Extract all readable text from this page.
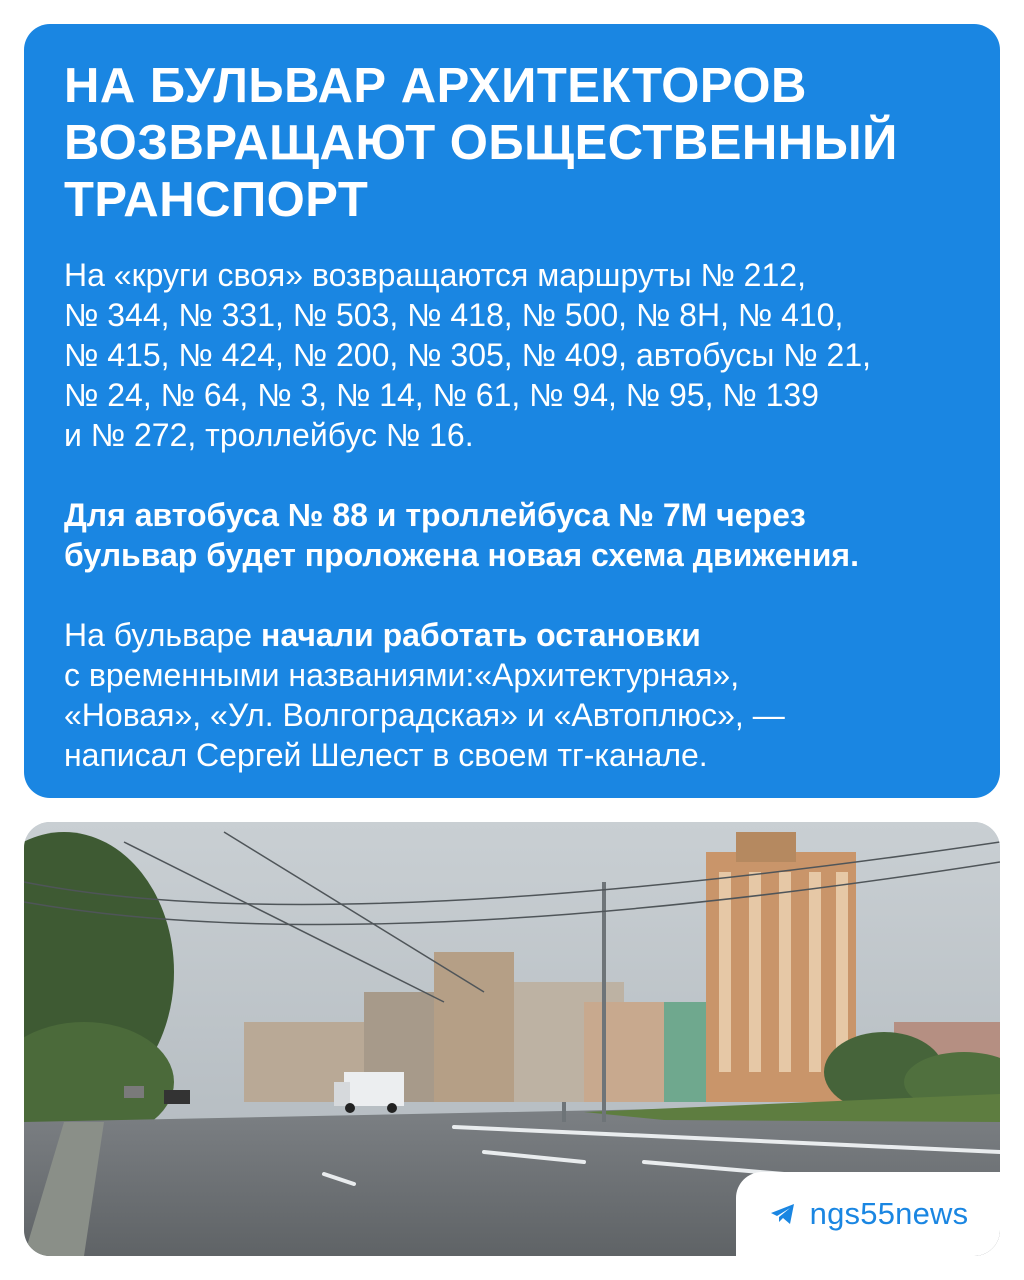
НА БУЛЬВАР АРХИТЕКТОРОВ
ВОЗВРАЩАЮТ ОБЩЕСТВЕННЫЙ
ТРАНСПОРТ
На «круги своя» возвращаются маршруты № 212,
№ 344, № 331, № 503, № 418, № 500, № 8Н, № 410,
№ 415, № 424, № 200, № 305, № 409, автобусы № 21,
№ 24, № 64, № 3, № 14, № 61, № 94, № 95, № 139
и № 272, троллейбус № 16.
Для автобуса № 88 и троллейбуса № 7М через
бульвар будет проложена новая схема движения.
На бульваре начали работать остановки
с временными названиями:«Архитектурная»,
«Новая», «Ул. Волгоградская» и «Автоплюс», —
написал Сергей Шелест в своем тг-канале.
ngs55news
